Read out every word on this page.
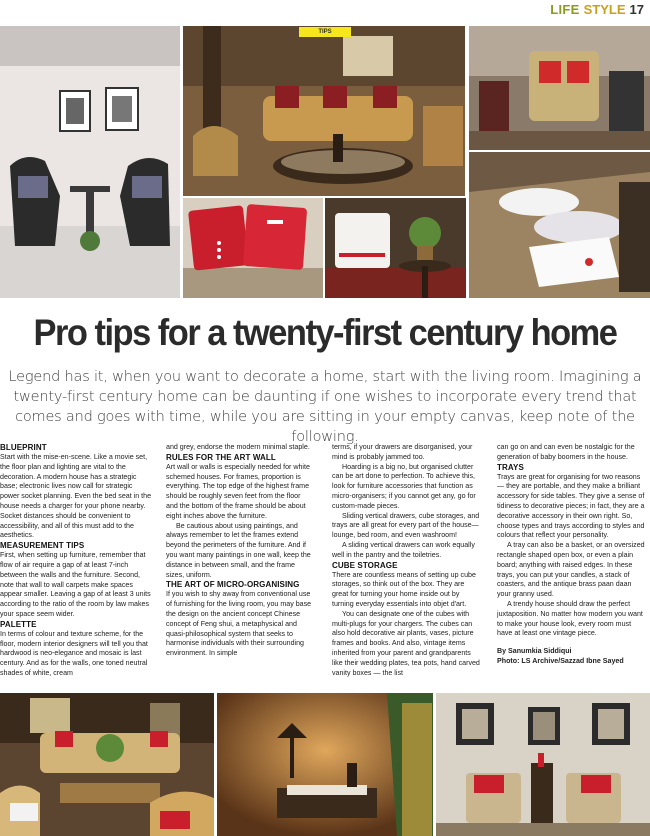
LIFE STYLE 17
TIPS
Pro tips for a twenty-first century home
Legend has it, when you want to decorate a home, start with the living room. Imagining a twenty-first century home can be daunting if one wishes to incorporate every trend that comes and goes with time, while you are sitting in your empty canvas, keep note of the following.
BLUEPRINT

Start with the mise-en-scene. Like a movie set, the floor plan and lighting are vital to the decoration. A modern house has a strategic base; electronic lives now call for strategic power socket planning. Even the bed seat in the house needs a charger for your phone nearby. Socket distances should be convenient to accessibility, and all of this must add to the aesthetics.

MEASUREMENT TIPS

First, when setting up furniture, remember that flow of air require a gap of at least 7-inch between the walls and the furniture. Second, note that wall to wall carpets make spaces appear smaller. Leaving a gap of at least 3 units according to the ratio of the room by law makes your space seem wider.

PALETTE

In terms of colour and texture scheme, for the floor, modern interior designers will tell you that hardwood is neo-elegance and mosaic is last century. And as for the walls, one toned neutral shades of white, cream

and grey, endorse the modern minimal staple.

RULES FOR THE ART WALL

Art wall or walls is especially needed for white schemed houses. For frames, proportion is everything. The top edge of the highest frame should be roughly seven feet from the floor and the bottom of the frame should be about eight inches above the furniture.

Be cautious about using paintings, and always remember to let the frames extend beyond the perimeters of the furniture. And if you want many paintings in one wall, keep the distance in between small, and the frame sizes, uniform.

THE ART OF MICRO-ORGANISING

If you wish to shy away from conventional use of furnishing for the living room, you may base the design on the ancient concept Chinese concept of Feng shui, a metaphysical and quasi-philosophical system that seeks to harmonise individuals with their surrounding environment. In simple

terms, if your drawers are disorganised, your mind is probably jammed too.

Hoarding is a big no, but organised clutter can be art done to perfection. To achieve this, look for furniture accessories that function as micro-organisers; if you cannot get any, go for custom-made pieces.

Sliding vertical drawers, cube storages, and trays are all great for every part of the house—lounge, bed room, and even washroom!

A sliding vertical drawers can work equally well in the pantry and the toiletries.

CUBE STORAGE

There are countless means of setting up cube storages, so think out of the box. They are great for turning your home inside out by turning everyday essentials into objet d'art.

You can designate one of the cubes with multi-plugs for your chargers. The cubes can also hold decorative air plants, vases, picture frames and books. And also, vintage items inherited from your parent and grandparents like their wedding plates, tea pots, hand carved vanity boxes — the list

can go on and can even be nostalgic for the generation of baby boomers in the house.

TRAYS

Trays are great for organising for two reasons — they are portable, and they make a brilliant accessory for side tables. They give a sense of tidiness to decorative pieces; in fact, they are a decorative accessory in their own right. So, choose types and trays according to styles and colours that reflect your personality.

A tray can also be a basket, or an oversized rectangle shaped open box, or even a plain board; anything with raised edges. In these trays, you can put your candles, a stack of coasters, and the antique brass paan daan your granny used.

A trendy house should draw the perfect juxtaposition. No matter how modern you want to make your house look, every room must have at least one vintage piece.

By Sanumkia Siddiqui

Photo: LS Archive/Sazzad Ibne Sayed
